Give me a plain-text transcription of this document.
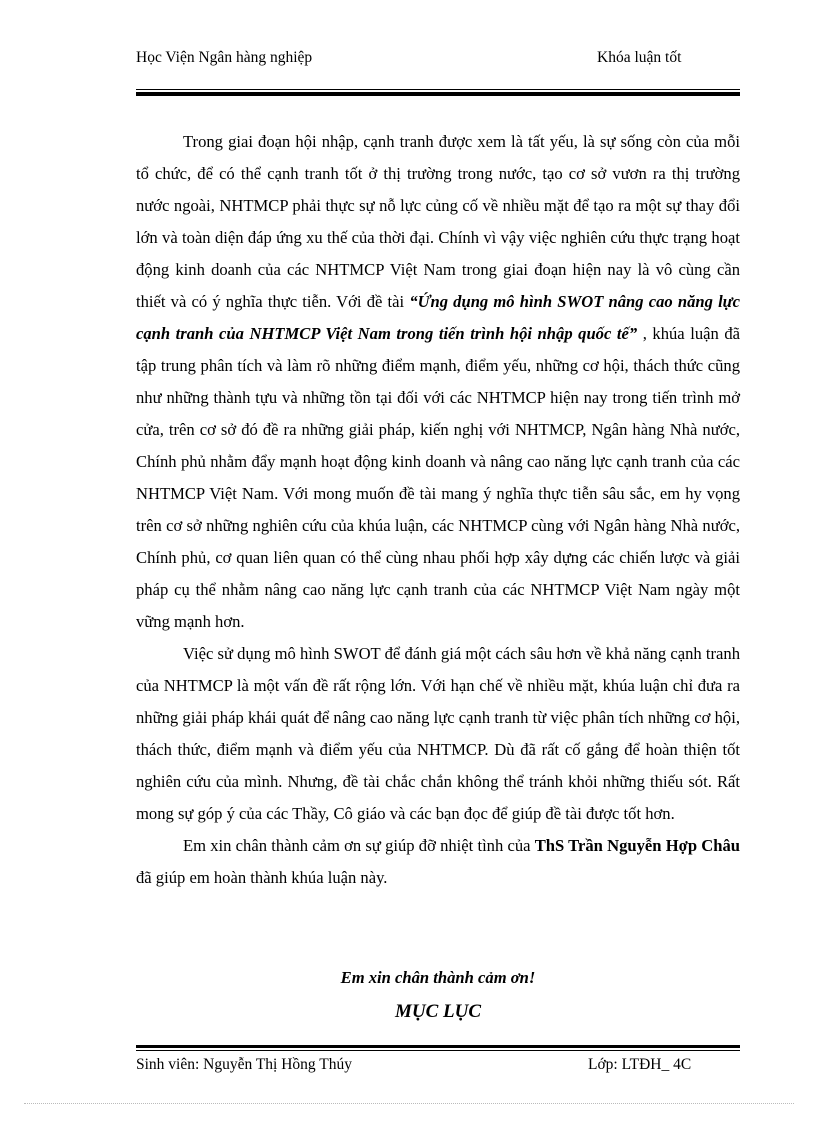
Học Viện Ngân hàng nghiệp	Khóa luận tốt

Trong giai đoạn hội nhập, cạnh tranh được xem là tất yếu, là sự sống còn của mỗi tổ chức, để có thể cạnh tranh tốt ở thị trường trong nước, tạo cơ sở vươn ra thị trường nước ngoài, NHTMCP phải thực sự nỗ lực củng cố về nhiều mặt để tạo ra một sự thay đổi lớn và toàn diện đáp ứng xu thế của thời đại. Chính vì vậy việc nghiên cứu thực trạng hoạt động kinh doanh của các NHTMCP Việt Nam trong giai đoạn hiện nay là vô cùng cần thiết và có ý nghĩa thực tiễn. Với đề tài “Ứng dụng mô hình SWOT nâng cao năng lực cạnh tranh của NHTMCP Việt Nam trong tiến trình hội nhập quốc tế” , khúa luận đã tập trung phân tích và làm rõ những điểm mạnh, điểm yếu, những cơ hội, thách thức cũng như những thành tựu và những tồn tại đối với các NHTMCP hiện nay trong tiến trình mở cửa, trên cơ sở đó đề ra những giải pháp, kiến nghị với NHTMCP, Ngân hàng Nhà nước, Chính phủ nhằm đẩy mạnh hoạt động kinh doanh và nâng cao năng lực cạnh tranh của các NHTMCP Việt Nam. Với mong muốn đề tài mang ý nghĩa thực tiễn sâu sắc, em hy vọng trên cơ sở những nghiên cứu của khúa luận, các NHTMCP cùng với Ngân hàng Nhà nước, Chính phủ, cơ quan liên quan có thể cùng nhau phối hợp xây dựng các chiến lược và giải pháp cụ thể nhằm nâng cao năng lực cạnh tranh của các NHTMCP Việt Nam ngày một vững mạnh hơn.

Việc sử dụng mô hình SWOT để đánh giá một cách sâu hơn về khả năng cạnh tranh của NHTMCP là một vấn đề rất rộng lớn. Với hạn chế về nhiều mặt, khúa luận chỉ đưa ra những giải pháp khái quát để nâng cao năng lực cạnh tranh từ việc phân tích những cơ hội, thách thức, điểm mạnh và điểm yếu của NHTMCP. Dù đã rất cố gắng để hoàn thiện tốt nghiên cứu của mình. Nhưng, đề tài chắc chắn không thể tránh khỏi những thiếu sót. Rất mong sự góp ý của các Thầy, Cô giáo và các bạn đọc để giúp đề tài được tốt hơn.

Em xin chân thành cảm ơn sự giúp đỡ nhiệt tình của ThS Trần Nguyễn Hợp Châu đã giúp em hoàn thành khúa luận này.

Em xin chân thành cảm ơn!
MỤC LỤC
Sinh viên: Nguyễn Thị Hồng Thúy	Lớp: LTĐH_ 4C
